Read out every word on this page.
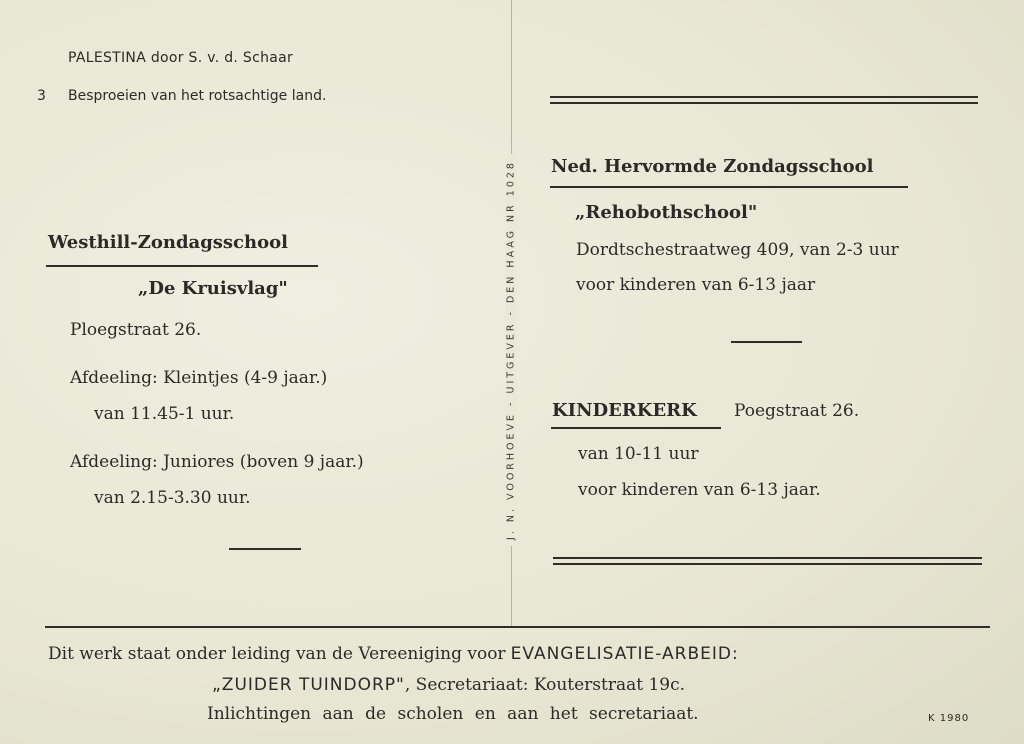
PALESTINA door S. v. d. Schaar
3 Besproeien van het rotsachtige land.
J. N. VOORHOEVE - UITGEVER - DEN HAAG NR 1028
Westhill-Zondagsschool
„De Kruisvlag"
Ploegstraat 26.
Afdeeling: Kleintjes (4-9 jaar.)
van 11.45-1 uur.
Afdeeling: Juniores (boven 9 jaar.)
van 2.15-3.30 uur.
Ned. Hervormde Zondagsschool
„Rehobothschool"
Dordtschestraatweg 409, van 2-3 uur
voor kinderen van 6-13 jaar
KINDERKERK Poegstraat 26.
van 10-11 uur
voor kinderen van 6-13 jaar.
Dit werk staat onder leiding van de Vereeniging voor EVANGELISATIE-ARBEID:
„ZUIDER TUINDORP", Secretariaat: Kouterstraat 19c.
Inlichtingen aan de scholen en aan het secretariaat.	K 1980
